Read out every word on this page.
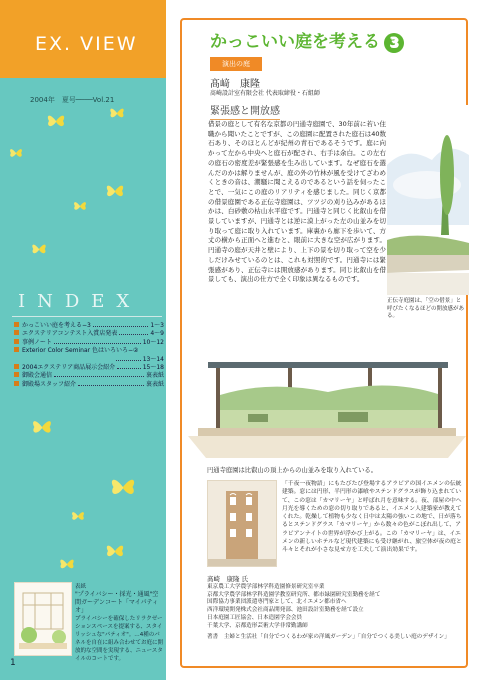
EX. VIEW
2004年　夏号────Vol.21
INDEX
かっこいい庭を考える−3	1〜3
エクステリアコンテスト入賞店発表	4〜9
事例ノート	10〜12
Exterior Color Seminar 色はいろいろ−②
13〜14
2004エクステリア商品展示会紹介	15〜18
御殿会通信	裏表紙
御殿場スタッフ紹介	裏表紙
表紙
"プライバシー・採光・通風"空間ガーデンコート「マイパティオ」
プライバシーを確保したリラクゼーションスペースを提案する、スタイリッシュな"パティオ"。…4種のパネルを自在に組み合わせてお庭に開放的な空間を実現する、ニュースタイルのコートです。
1
かっこいい庭を考える 3
演出の庭
髙﨑　康隆
髙崎設計室有限会社 代表取締役・石組師
緊張感と開放感
借景の庭として有名な京都の円通寺庭園で、30年前に若い住職から聞いたことですが、この庭園に配置された庭石は40数石あり、そのほとんどが紀州の青石であるそうです。庭に向かって左から中央へと庭石が配され、右手は余白。この左右の庭石の密度差が緊張感を生み出しています。なぜ庭石を選んだのかは解りませんが、庭の外の竹林が風を受けてざわめくときの音は、潮騒に聞こえるのであるという話を伺ったことで、一気にこの庭のリアリティを感じました。同じく京都の借景庭園である正伝寺庭園は、ツツジの刈り込みがあるほかは、白砂敷の枯山水平庭です。円通寺と同じく比叡山を借景していますが、円通寺とは逆に漠上がった左の山並みを切り取って庭に取り入れています。庫裏から廊下を歩いて、方丈の横から正面へと進むと、眼前に大きな空が広がります。円通寺の庭が天井と壁により、上下の景を切り取って空を少しだけみせているのとは、これも対照的です。円通寺には緊張感があり、正伝寺には開放感があります。同じ比叡山を借景しても、演出の仕方で全く印象は異なるものです。
正伝寺庭園は、「空の借景」と呼びたくなるほどの開放感がある。
円通寺庭園は比叡山の頂上からの山並みを取り入れている。
「千夜一夜物語」にもたびたび登場するアラビアの国イエメンの伝統建築。窓には円形、半円形の漆喰やステンドグラスが飾り込まれていて、この窓は「カマリーヤ」と呼ばれ月を意味する。夜、部屋の中へ月光を導くための窓の切り取りであると、イエメン人建築家が教えてくれた。乾燥して植物も少なく日中は太陽の強いこの地で、日が落ちるとステンドグラス「カマリーヤ」から数々の色がこぼれ出して、アラビアンナイトの世界が浮かび上がる。この「カマリーヤ」は、イエメンの新しいホテルなど現代建築にも受け継がれ、旅空体が夜の庭と斗々とそれが小さな見せ方を工夫して演出効果です。
髙崎　康隆 氏
東京農工大学農学部林学科造園修景研究室卒業
京都大学農学部林学科造園学教室研究所、都市緑園研究室勤務を経て
国際協力事業団派遣専門家として、北イエメン都市省へ
西洋環境開発株式会社商品開発部、池田設計室勤務を経て設立
日本庭園工匠協会、日本造園学会会員
千葉大学、京都造形芸術大学非常勤講師
著書　 主婦と生活社「自分でつくるわが家の洋風ガーデン」「自分でつくる美しい庭のデザイン」
